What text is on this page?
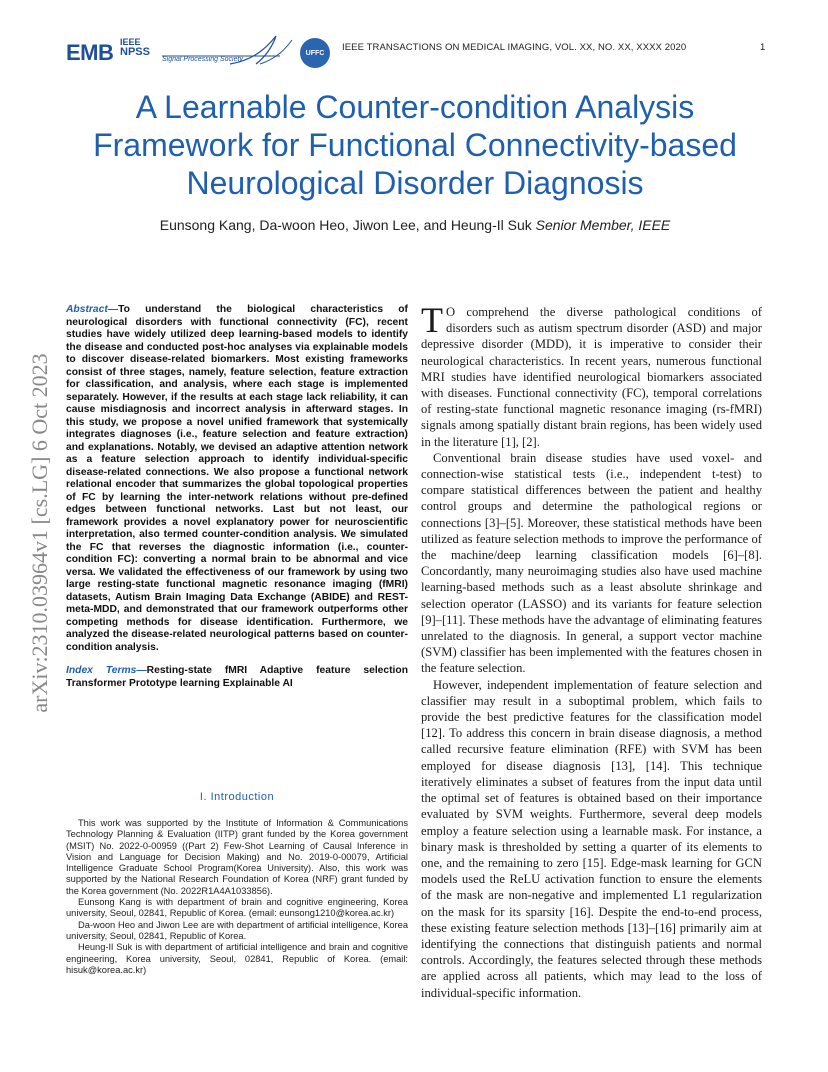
EMB IEEE
NPSS
Signal Processing Society
UFFC	IEEE TRANSACTIONS ON MEDICAL IMAGING, VOL. XX, NO. XX, XXXX 2020	1
A Learnable Counter-condition Analysis
Framework for Functional Connectivity-based
Neurological Disorder Diagnosis
Eunsong Kang, Da-woon Heo, Jiwon Lee, and Heung-Il Suk Senior Member, IEEE
arXiv:2310.03964v1 [cs.LG] 6 Oct 2023

Abstract—To understand the biological characteristics of neurological disorders with functional connectivity (FC), recent studies have widely utilized deep learning-based models to identify the disease and conducted post-hoc analyses via explainable models to discover disease-related biomarkers. Most existing frameworks consist of three stages, namely, feature selection, feature extraction for classification, and analysis, where each stage is implemented separately. However, if the results at each stage lack reliability, it can cause misdiagnosis and incorrect analysis in afterward stages. In this study, we propose a novel unified framework that systemically integrates diagnoses (i.e., feature selection and feature extraction) and explanations. Notably, we devised an adaptive attention network as a feature selection approach to identify individual-specific disease-related connections. We also propose a functional network relational encoder that summarizes the global topological properties of FC by learning the inter-network relations without pre-defined edges between functional networks. Last but not least, our framework provides a novel explanatory power for neuroscientific interpretation, also termed counter-condition analysis. We simulated the FC that reverses the diagnostic information (i.e., counter-condition FC): converting a normal brain to be abnormal and vice versa. We validated the effectiveness of our framework by using two large resting-state functional magnetic resonance imaging (fMRI) datasets, Autism Brain Imaging Data Exchange (ABIDE) and REST-meta-MDD, and demonstrated that our framework outperforms other competing methods for disease identification. Furthermore, we analyzed the disease-related neurological patterns based on counter-condition analysis.

Index Terms—Resting-state fMRI Adaptive feature selection Transformer Prototype learning Explainable AI

I. Introduction

This work was supported by the Institute of Information & Communications Technology Planning & Evaluation (IITP) grant funded by the Korea government (MSIT) No. 2022-0-00959 ((Part 2) Few-Shot Learning of Causal Inference in Vision and Language for Decision Making) and No. 2019-0-00079, Artificial Intelligence Graduate School Program(Korea University). Also, this work was supported by the National Research Foundation of Korea (NRF) grant funded by the Korea government (No. 2022R1A4A1033856).

Eunsong Kang is with department of brain and cognitive engineering, Korea university, Seoul, 02841, Republic of Korea. (email: eunsong1210@korea.ac.kr)

Da-woon Heo and Jiwon Lee are with department of artificial intelligence, Korea university, Seoul, 02841, Republic of Korea.

Heung-Il Suk is with department of artificial intelligence and brain and cognitive engineering, Korea university, Seoul, 02841, Republic of Korea. (email: hisuk@korea.ac.kr)

T O comprehend the diverse pathological conditions of disorders such as autism spectrum disorder (ASD) and major depressive disorder (MDD), it is imperative to consider their neurological characteristics. In recent years, numerous functional MRI studies have identified neurological biomarkers associated with diseases. Functional connectivity (FC), temporal correlations of resting-state functional magnetic resonance imaging (rs-fMRI) signals among spatially distant brain regions, has been widely used in the literature [1], [2].

Conventional brain disease studies have used voxel- and connection-wise statistical tests (i.e., independent t-test) to compare statistical differences between the patient and healthy control groups and determine the pathological regions or connections [3]–[5]. Moreover, these statistical methods have been utilized as feature selection methods to improve the performance of the machine/deep learning classification models [6]–[8]. Concordantly, many neuroimaging studies also have used machine learning-based methods such as a least absolute shrinkage and selection operator (LASSO) and its variants for feature selection [9]–[11]. These methods have the advantage of eliminating features unrelated to the diagnosis. In general, a support vector machine (SVM) classifier has been implemented with the features chosen in the feature selection.

However, independent implementation of feature selection and classifier may result in a suboptimal problem, which fails to provide the best predictive features for the classification model [12]. To address this concern in brain disease diagnosis, a method called recursive feature elimination (RFE) with SVM has been employed for disease diagnosis [13], [14]. This technique iteratively eliminates a subset of features from the input data until the optimal set of features is obtained based on their importance evaluated by SVM weights. Furthermore, several deep models employ a feature selection using a learnable mask. For instance, a binary mask is thresholded by setting a quarter of its elements to one, and the remaining to zero [15]. Edge-mask learning for GCN models used the ReLU activation function to ensure the elements of the mask are non-negative and implemented L1 regularization on the mask for its sparsity [16]. Despite the end-to-end process, these existing feature selection methods [13]–[16] primarily aim at identifying the connections that distinguish patients and normal controls. Accordingly, the features selected through these methods are applied across all patients, which may lead to the loss of individual-specific information.
